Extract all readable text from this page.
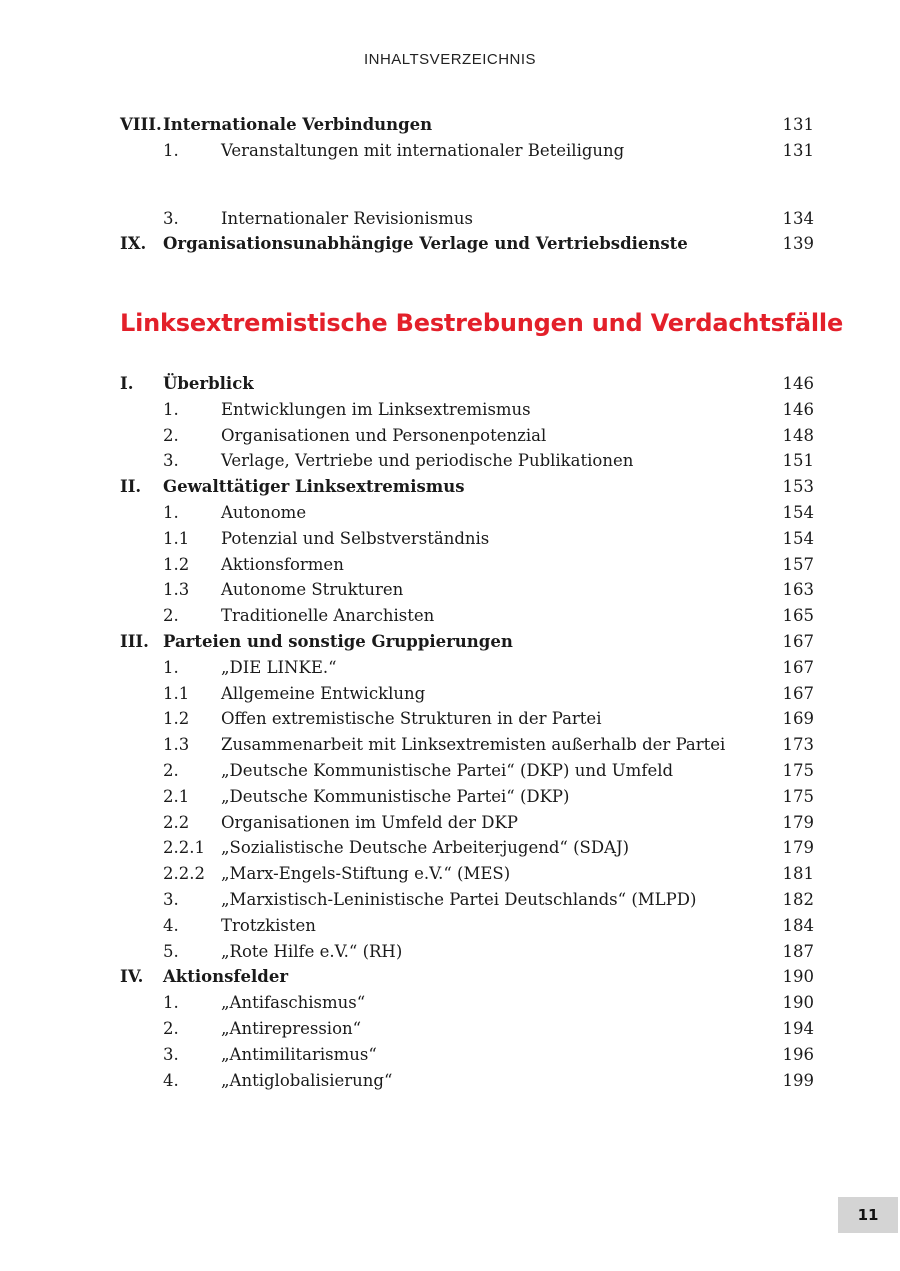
INHALTSVERZEICHNIS
VIII. Internationale Verbindungen	131
1.	Veranstaltungen mit internationaler Beteiligung	131
3.	Internationaler Revisionismus	134
IX. Organisationsunabhängige Verlage und Vertriebsdienste	139
Linksextremistische Bestrebungen und Verdachtsfälle
I. Überblick	146
1.	Entwicklungen im Linksextremismus	146
2.	Organisationen und Personenpotenzial	148
3.	Verlage, Vertriebe und periodische Publikationen	151
II. Gewalttätiger Linksextremismus	153
1.	Autonome	154
1.1 Potenzial und Selbstverständnis	154
1.2 Aktionsformen	157
1.3 Autonome Strukturen	163
2.	Traditionelle Anarchisten	165
III. Parteien und sonstige Gruppierungen	167
1.	„DIE LINKE.“	167
1.1 Allgemeine Entwicklung	167
1.2 Offen extremistische Strukturen in der Partei	169
1.3 Zusammenarbeit mit Linksextremisten außerhalb der Partei	173
2.	„Deutsche Kommunistische Partei“ (DKP) und Umfeld	175
2.1 „Deutsche Kommunistische Partei“ (DKP)	175
2.2 Organisationen im Umfeld der DKP	179
2.2.1 „Sozialistische Deutsche Arbeiterjugend“ (SDAJ)	179
2.2.2 „Marx-Engels-Stiftung e.V.“ (MES)	181
3.	„Marxistisch-Leninistische Partei Deutschlands“ (MLPD)	182
4.	Trotzkisten	184
5.	„Rote Hilfe e.V.“ (RH)	187
IV. Aktionsfelder	190
1.	„Antifaschismus“	190
2.	„Antirepression“	194
3.	„Antimilitarismus“	196
4.	„Antiglobalisierung“	199
11
